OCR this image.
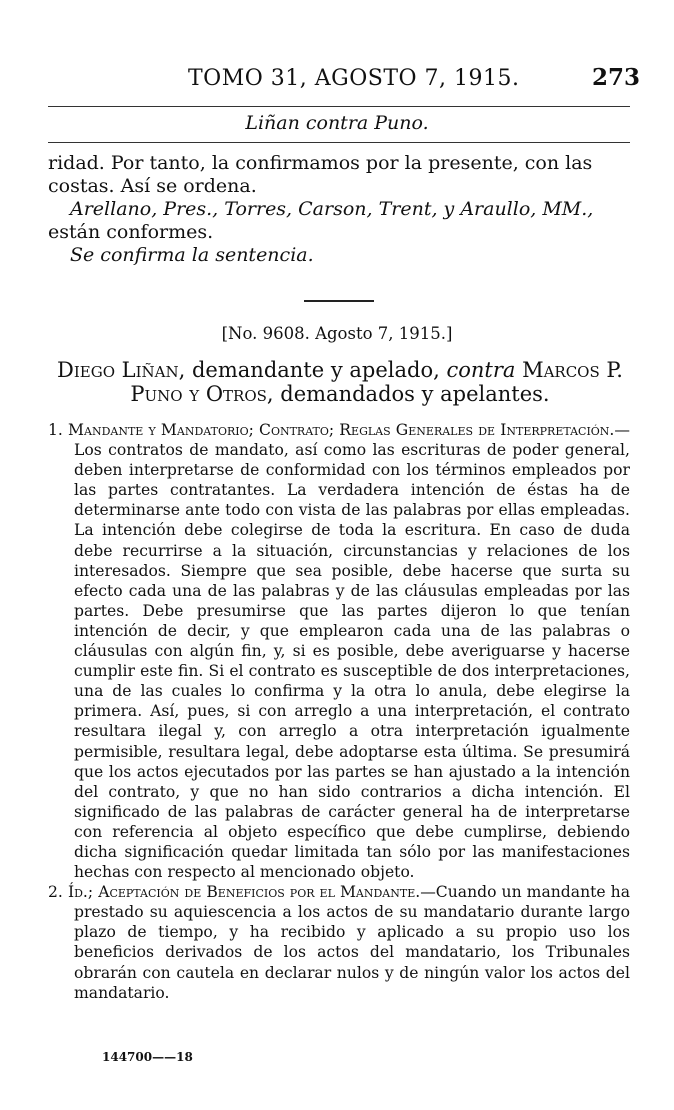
TOMO 31, AGOSTO 7, 1915.	273
Liñan contra Puno.

ridad. Por tanto, la confirmamos por la presente, con las costas. Así se ordena.

Arellano, Pres., Torres, Carson, Trent, y Araullo, MM.,

están conformes.

Se confirma la sentencia.

[No. 9608. Agosto 7, 1915.]
Diego Liñan, demandante y apelado, contra Marcos P. Puno y Otros, demandados y apelantes.

1. Mandante y Mandatorio; Contrato; Reglas Generales de Interpretación.—Los contratos de mandato, así como las escrituras de poder general, deben interpretarse de conformidad con los términos empleados por las partes contratantes. La verdadera intención de éstas ha de determinarse ante todo con vista de las palabras por ellas empleadas. La intención debe colegirse de toda la escritura. En caso de duda debe recurrirse a la situación, circunstancias y relaciones de los interesados. Siempre que sea posible, debe hacerse que surta su efecto cada una de las palabras y de las cláusulas empleadas por las partes. Debe presumirse que las partes dijeron lo que tenían intención de decir, y que emplearon cada una de las palabras o cláusulas con algún fin, y, si es posible, debe averiguarse y hacerse cumplir este fin. Si el contrato es susceptible de dos interpretaciones, una de las cuales lo confirma y la otra lo anula, debe elegirse la primera. Así, pues, si con arreglo a una interpretación, el contrato resultara ilegal y, con arreglo a otra interpretación igualmente permisible, resultara legal, debe adoptarse esta última. Se presumirá que los actos ejecutados por las partes se han ajustado a la intención del contrato, y que no han sido contrarios a dicha intención. El significado de las palabras de carácter general ha de interpretarse con referencia al objeto específico que debe cumplirse, debiendo dicha significación quedar limitada tan sólo por las manifestaciones hechas con respecto al mencionado objeto.

2. Íd.; Aceptación de Beneficios por el Mandante.—Cuando un mandante ha prestado su aquiescencia a los actos de su mandatario durante largo plazo de tiempo, y ha recibido y aplicado a su propio uso los beneficios derivados de los actos del mandatario, los Tribunales obrarán con cautela en declarar nulos y de ningún valor los actos del mandatario.

144700——18
